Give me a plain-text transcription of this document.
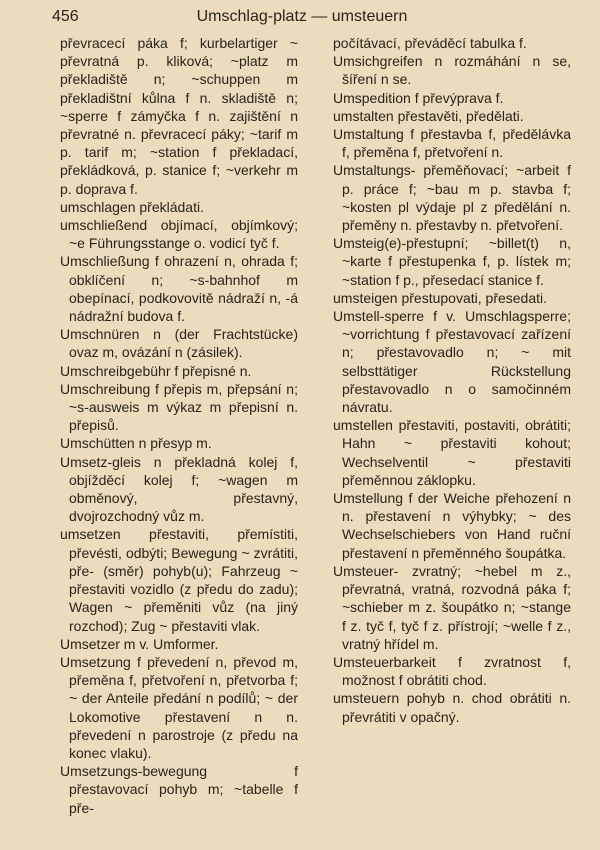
456	Umschlag-platz — umsteuern

převracecí páka f; kurbelartiger ~ převratná p. kliková; ~platz m překladiště n; ~schuppen m překladištní kůlna f n. skladiště n; ~sperre f zámyčka f n. zajištění n převratné n. převracecí páky; ~tarif m p. tarif m; ~station f překladací, překládková, p. stanice f; ~verkehr m p. doprava f.

umschlagen překládati.

umschließend objímací, objímkový; ~e Führungsstange o. vodicí tyč f.

Umschließung f ohrazení n, ohrada f; obklíčení n; ~s-bahnhof m obepínací, podkovovitě nádraží n, -á nádražní budova f.

Umschnüren n (der Frachtstücke) ovaz m, ovázání n (zásilek).

Umschreibgebühr f přepisné n.

Umschreibung f přepis m, přepsání n; ~s-ausweis m výkaz m přepisní n. přepisů.

Umschütten n přesyp m.

Umsetz-gleis n překladná kolej f, objížděcí kolej f; ~wagen m obměnový, přestavný, dvojrozchodný vůz m.

umsetzen přestaviti, přemístiti, převésti, odbýti; Bewegung ~ zvrátiti, pře- (směr) pohyb(u); Fahrzeug ~ přestaviti vozidlo (z předu do zadu); Wagen ~ přeměniti vůz (na jiný rozchod); Zug ~ přestaviti vlak.

Umsetzer m v. Umformer.

Umsetzung f převedení n, převod m, přeměna f, přetvoření n, přetvorba f; ~ der Anteile předání n podílů; ~ der Lokomotive přestavení n n. převedení n parostroje (z předu na konec vlaku).

Umsetzungs-bewegung f přestavovací pohyb m; ~tabelle f pře-

počítávací, převáděcí tabulka f.

Umsichgreifen n rozmáhání n se, šíření n se.

Umspedition f převýprava f.

umstalten přestavěti, předělati.

Umstaltung f přestavba f, předělávka f, přeměna f, přetvoření n.

Umstaltungs- přeměňovací; ~arbeit f p. práce f; ~bau m p. stavba f; ~kosten pl výdaje pl z předělání n. přeměny n. přestavby n. přetvoření.

Umsteig(e)-přestupní; ~billet(t) n, ~karte f přestupenka f, p. lístek m; ~station f p., přesedací stanice f.

umsteigen přestupovati, přesedati.

Umstell-sperre f v. Umschlagsperre; ~vorrichtung f přestavovací zařízení n; přestavovadlo n; ~ mit selbsttätiger Rückstellung přestavovadlo n o samočinném návratu.

umstellen přestaviti, postaviti, obrátiti; Hahn ~ přestaviti kohout; Wechselventil ~ přestaviti přeměnnou záklopku.

Umstellung f der Weiche přehození n n. přestavení n výhybky; ~ des Wechselschiebers von Hand ruční přestavení n přeměnného šoupátka.

Umsteuer- zvratný; ~hebel m z., převratná, vratná, rozvodná páka f; ~schieber m z. šoupátko n; ~stange f z. tyč f, tyč f z. přístrojí; ~welle f z., vratný hřídel m.

Umsteuerbarkeit f zvratnost f, možnost f obrátiti chod.

umsteuern pohyb n. chod obrátiti n. převrátiti v opačný.
